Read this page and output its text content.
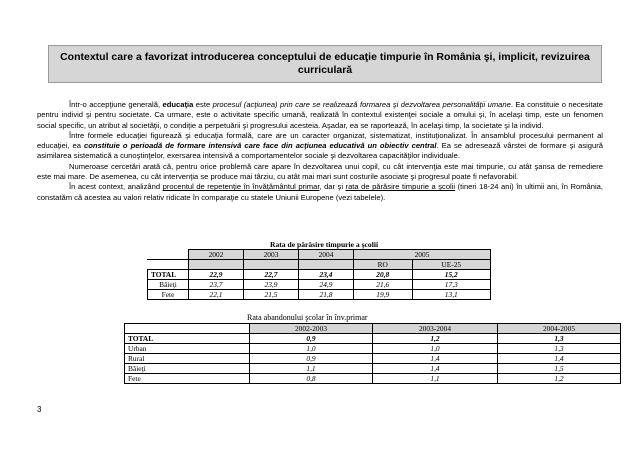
Contextul care a favorizat introducerea conceptului de educaţie timpurie în România şi, implicit, revizuirea curriculară

Într-o accepţiune generală, educaţia este procesul (acţiunea) prin care se realizează formarea şi dezvoltarea personalităţii umane. Ea constituie o necesitate pentru individ şi pentru societate. Ca urmare, este o activitate specific umană, realizată în contextul existenţei sociale a omului şi, în acelaşi timp, este un fenomen social specific, un atribut al societăţii, o condiţie a perpetuării şi progresului acesteia. Aşadar, ea se raportează, în acelaşi timp, la societate şi la individ.

Între formele educaţiei figurează şi educaţia formală, care are un caracter organizat, sistematizat, instituţionalizat. În ansamblul procesului permanent al educaţiei, ea constituie o perioadă de formare intensivă care face din acţiunea educativă un obiectiv central. Ea se adresează vârstei de formare şi asigură asimilarea sistematică a cunoştinţelor, exersarea intensivă a comportamentelor sociale şi dezvoltarea capacităţilor individuale.

Numeroase cercetări arată că, pentru orice problemă care apare în dezvoltarea unui copil, cu cât intervenţia este mai timpurie, cu atât şansa de remediere este mai mare. De asemenea, cu cât intervenţia se produce mai târziu, cu atât mai mari sunt costurile asociate şi progresul poate fi nefavorabil.

În acest context, analizând procentul de repetenţie în învăţământul primar, dar şi rata de părăsire timpurie a şcolii (tineri 18-24 ani) în ultimii ani, în România, constatăm că acestea au valori relativ ridicate în comparaţie cu statele Uniunii Europene (vezi tabelele).

Rata de părăsire timpurie a şcolii
	2002	2003	2004	2005	
				RO	UE-25
TOTAL	22,9	22,7	23,4	20,8	15,2
Băieţi	23,7	23,9	24,9	21,6	17,3
Fete	22,1	21,5	21,8	19,9	13,1
Rata abandonului şcolar în înv.primar
	2002-2003	2003-2004	2004-2005
TOTAL	0,9	1,2	1,3
Urban	1,0	1,0	1,3
Rural	0,9	1,4	1,4
Băieţi	1,1	1,4	1,5
Fete	0,8	1,1	1,2
3
